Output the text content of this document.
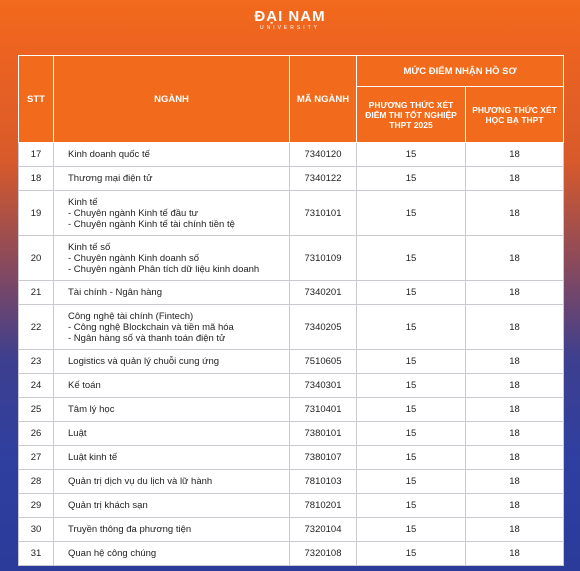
ĐẠI NAM
UNIVERSITY
STT	NGÀNH	MÃ NGÀNH	MỨC ĐIỂM NHẬN HỒ SƠ	
			PHƯƠNG THỨC XÉT ĐIỂM THI TỐT NGHIỆP THPT 2025	PHƯƠNG THỨC XÉT HỌC BẠ THPT
17	Kinh doanh quốc tế	7340120	15	18
18	Thương mại điện tử	7340122	15	18
19	Kinh tế
- Chuyên ngành Kinh tế đầu tư
- Chuyên ngành Kinh tế tài chính tiền tệ	7310101	15	18
20	Kinh tế số
- Chuyên ngành Kinh doanh số
- Chuyên ngành Phân tích dữ liệu kinh doanh	7310109	15	18
21	Tài chính - Ngân hàng	7340201	15	18
22	Công nghệ tài chính (Fintech)
- Công nghệ Blockchain và tiền mã hóa
- Ngân hàng số và thanh toán điện tử	7340205	15	18
23	Logistics và quản lý chuỗi cung ứng	7510605	15	18
24	Kế toán	7340301	15	18
25	Tâm lý học	7310401	15	18
26	Luật	7380101	15	18
27	Luật kinh tế	7380107	15	18
28	Quản trị dịch vụ du lịch và lữ hành	7810103	15	18
29	Quản trị khách sạn	7810201	15	18
30	Truyền thông đa phương tiện	7320104	15	18
31	Quan hệ công chúng	7320108	15	18
